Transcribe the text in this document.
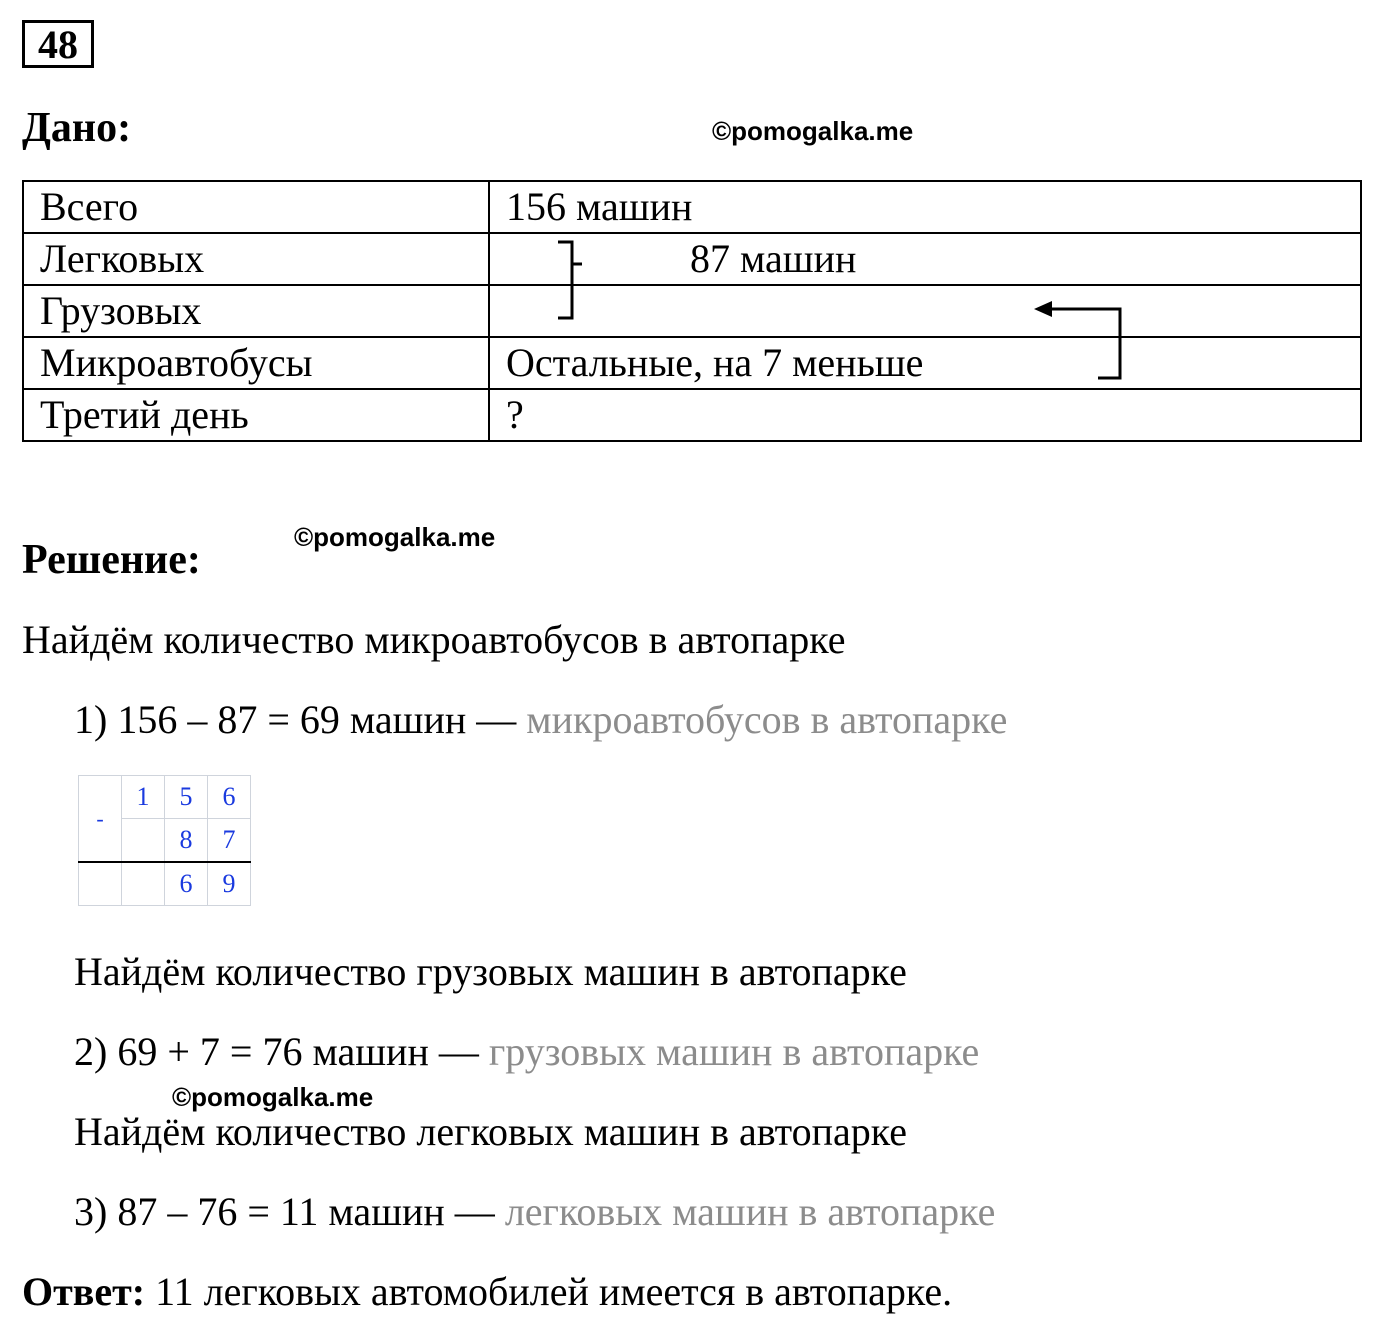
48
Дано:	©pomogalka.me
Всего	156 машин
Легковых	87 машин
Грузовых	
Микроавтобусы	Остальные, на 7 меньше
Третий день	?
Решение:	©pomogalka.me
Найдём количество микроавтобусов в автопарке
1) 156 – 87 = 69 машин — микроавтобусов в автопарке
-	1	5	6
		8	7
		6	9
Найдём количество грузовых машин в автопарке
2) 69 + 7 = 76 машин — грузовых машин в автопарке
©pomogalka.me
Найдём количество легковых машин в автопарке
3) 87 – 76 = 11 машин — легковых машин в автопарке
Ответ: 11 легковых автомобилей имеется в автопарке.
